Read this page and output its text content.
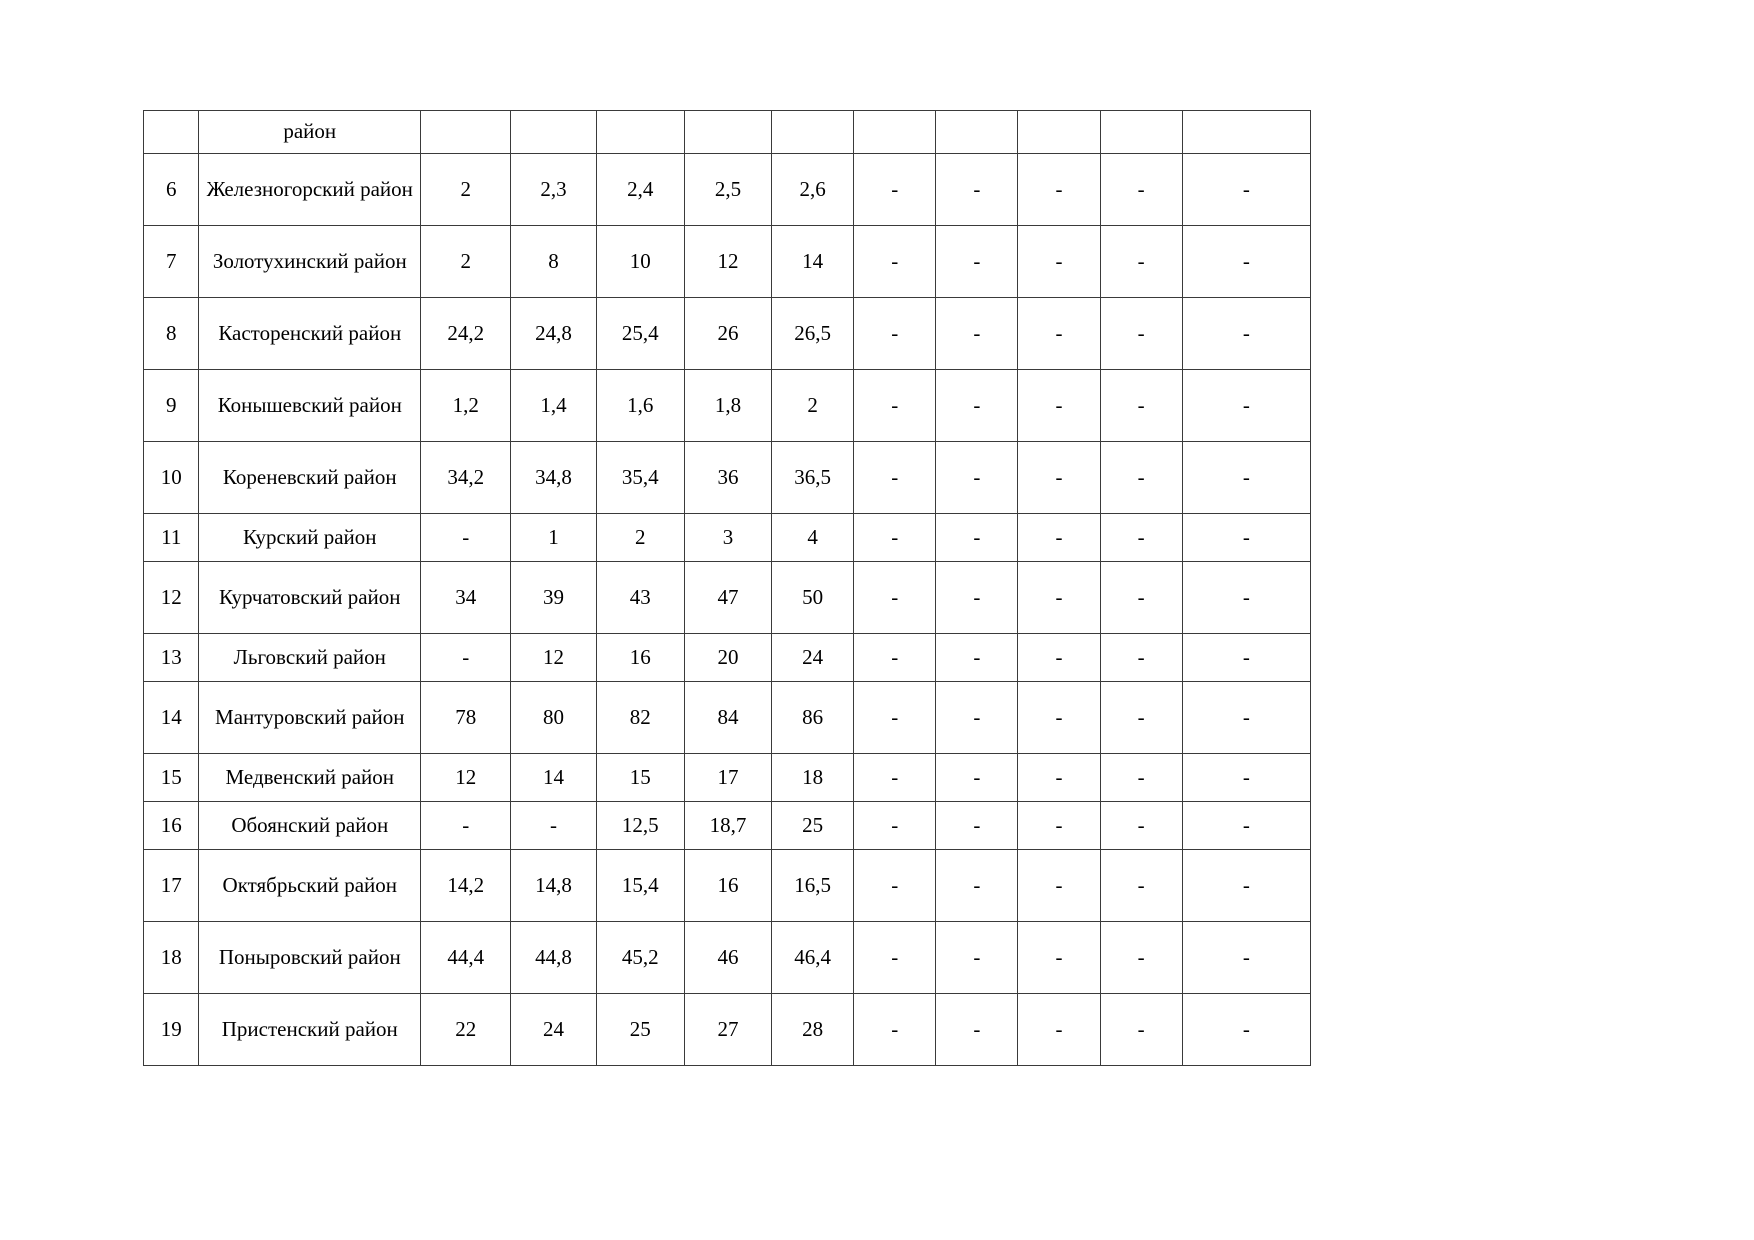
	район										
6	Железногорский район	2	2,3	2,4	2,5	2,6	-	-	-	-	-
7	Золотухинский район	2	8	10	12	14	-	-	-	-	-
8	Касторенский район	24,2	24,8	25,4	26	26,5	-	-	-	-	-
9	Конышевский район	1,2	1,4	1,6	1,8	2	-	-	-	-	-
10	Кореневский район	34,2	34,8	35,4	36	36,5	-	-	-	-	-
11	Курский район	-	1	2	3	4	-	-	-	-	-
12	Курчатовский район	34	39	43	47	50	-	-	-	-	-
13	Льговский район	-	12	16	20	24	-	-	-	-	-
14	Мантуровский район	78	80	82	84	86	-	-	-	-	-
15	Медвенский район	12	14	15	17	18	-	-	-	-	-
16	Обоянский район	-	-	12,5	18,7	25	-	-	-	-	-
17	Октябрьский район	14,2	14,8	15,4	16	16,5	-	-	-	-	-
18	Поныровский район	44,4	44,8	45,2	46	46,4	-	-	-	-	-
19	Пристенский район	22	24	25	27	28	-	-	-	-	-
